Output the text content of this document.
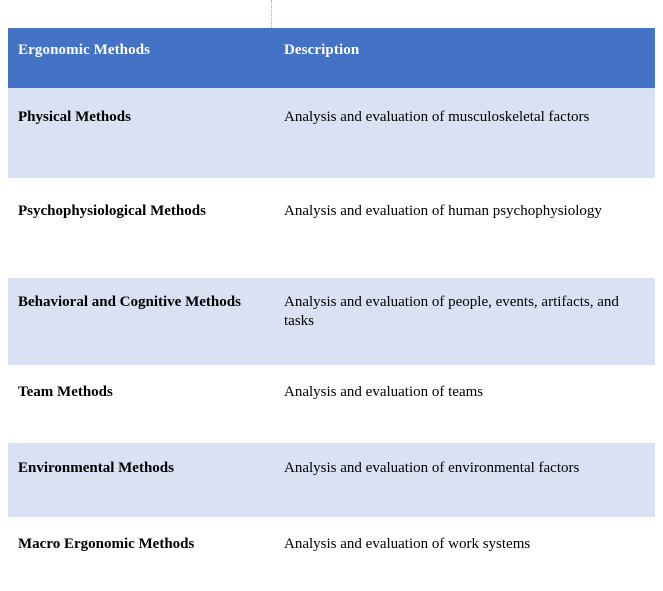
Ergonomic Methods	Description
Physical Methods	Analysis and evaluation of musculoskeletal factors
Psychophysiological Methods	Analysis and evaluation of human psychophysiology
Behavioral and Cognitive Methods	Analysis and evaluation of people, events, artifacts, and tasks
Team Methods	Analysis and evaluation of teams
Environmental Methods	Analysis and evaluation of environmental factors
Macro Ergonomic Methods	Analysis and evaluation of work systems
